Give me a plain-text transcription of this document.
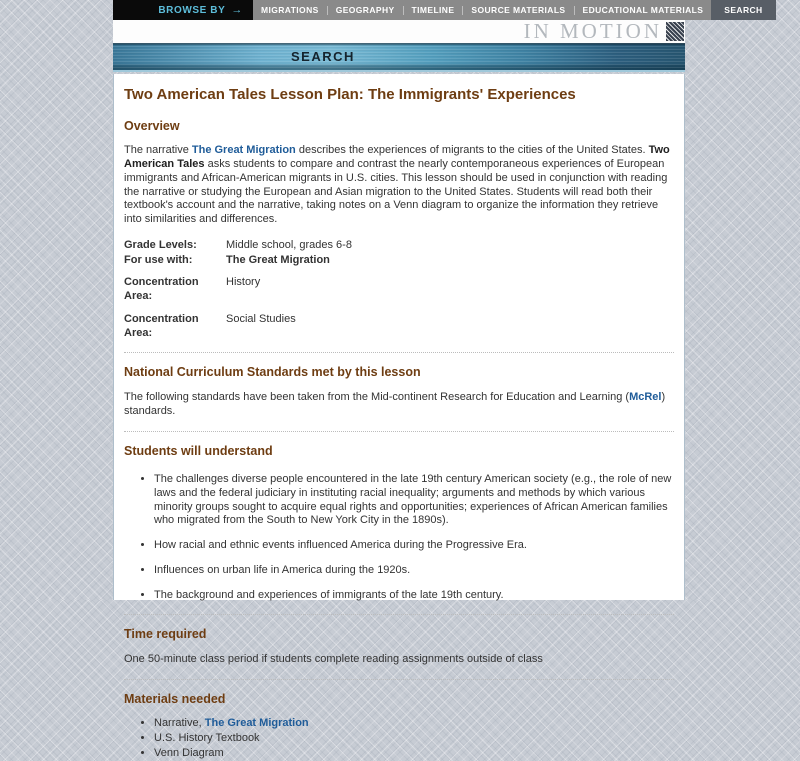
BROWSE BY →	MIGRATIONS	GEOGRAPHY	TIMELINE	SOURCE MATERIALS	EDUCATIONAL MATERIALS	SEARCH
IN MOTION
SEARCH
Two American Tales Lesson Plan: The Immigrants' Experiences
Overview

The narrative The Great Migration describes the experiences of migrants to the cities of the United States. Two American Tales asks students to compare and contrast the nearly contemporaneous experiences of European immigrants and African-American migrants in U.S. cities. This lesson should be used in conjunction with reading the narrative or studying the European and Asian migration to the United States. Students will read both their textbook's account and the narrative, taking notes on a Venn diagram to organize the information they retrieve into similarities and differences.

Grade Levels:	Middle school, grades 6-8
For use with:	The Great Migration
Concentration Area:
History
Concentration Area:
Social Studies
National Curriculum Standards met by this lesson

The following standards have been taken from the Mid-continent Research for Education and Learning (McRel) standards.

Students will understand
• The challenges diverse people encountered in the late 19th century American society (e.g., the role of new laws and the federal judiciary in instituting racial inequality; arguments and methods by which various minority groups sought to acquire equal rights and opportunities; experiences of African American families who migrated from the South to New York City in the 1890s).
• How racial and ethnic events influenced America during the Progressive Era.
• Influences on urban life in America during the 1920s.
• The background and experiences of immigrants of the late 19th century.
Time required

One 50-minute class period if students complete reading assignments outside of class

Materials needed
• Narrative, The Great Migration
• U.S. History Textbook
• Venn Diagram
